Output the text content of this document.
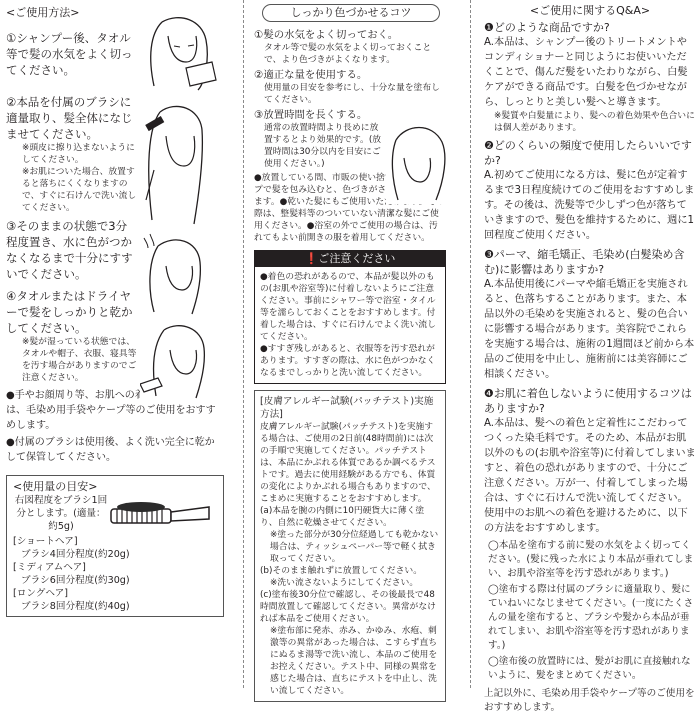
<ご使用方法>
①シャンプー後、タオル等で髪の水気をよく切ってください。
②本品を付属のブラシに適量取り、髪全体になじませてください。
※頭皮に擦り込まないようにしてください。
※お肌についた場合、放置すると落ちにくくなりますので、すぐに石けんで洗い流してください。
③そのままの状態で3分程度置き、水に色がつかなくなるまで十分にすすいでください。
④タオルまたはドライヤーで髪をしっかりと乾かしてください。
※髪が湿っている状態では、タオルや帽子、衣服、寝具等を汚す場合がありますのでご注意ください。
●手やお顔周り等、お肌への着色が気になる方は、毛染め用手袋やケープ等のご使用をおすすめします。
●付属のブラシは使用後、よく洗い完全に乾かして保管してください。
<使用量の目安>
右図程度をブラシ1回分とします。(適量：約5g)
[ショートヘア]
ブラシ4回分程度(約20g)
[ミディアムヘア]
ブラシ6回分程度(約30g)
[ロングヘア]
ブラシ8回分程度(約40g)
しっかり色づかせるコツ
①髪の水気をよく切っておく。
タオル等で髪の水気をよく切っておくことで、より色づきがよくなります。
②適正な量を使用する。
使用量の目安を参考にし、十分な量を塗布してください。
③放置時間を長くする。
通常の放置時間より長めに放置するとより効果的です。(放置時間は30分以内を目安にご使用ください。)
●放置している間、市販の使い捨てヘアキャップで髪を包み込むと、色づきがさらによくなります。●乾いた髪にもご使用いただけます。その際は、整髪料等のついていない清潔な髪にご使用ください。●浴室の外でご使用の場合は、汚れてもよい前開きの服を着用してください。
❗ご注意ください
●着色の恐れがあるので、本品が髪以外のもの(お肌や浴室等)に付着しないようにご注意ください。事前にシャワー等で浴室・タイル等を濡らしておくことをおすすめします。付着した場合は、すぐに石けんでよく洗い流してください。
●すすぎ残しがあると、衣服等を汚す恐れがあります。すすぎの際は、水に色がつかなくなるまでしっかりと洗い流してください。
[皮膚アレルギー試験(パッチテスト)実施方法]
皮膚アレルギー試験(パッチテスト)を実施する場合は、ご使用の2日前(48時間前)には次の手順で実施してください。パッチテストは、本品にかぶれる体質であるか調べるテストです。過去に使用経験がある方でも、体質の変化によりかぶれる場合もありますので、こまめに実施することをおすすめします。
(a)本品を腕の内側に10円硬貨大に薄く塗り、自然に乾燥させてください。
※塗った部分が30分位経過しても乾かない場合は、ティッシュペーパー等で軽く拭き取ってください。
(b)そのまま触れずに放置してください。
※洗い流さないようにしてください。
(c)塗布後30分位で確認し、その後最長で48時間放置して確認してください。異常がなければ本品をご使用ください。
※塗布部に発赤、赤み、かゆみ、水疱、刺激等の異常があった場合は、こすらず直ちにぬるま湯等で洗い流し、本品のご使用をお控えください。テスト中、同様の異常を感じた場合は、直ちにテストを中止し、洗い流してください。
<ご使用に関するQ&A>
❶どのような商品ですか?
A.本品は、シャンプー後のトリートメントやコンディショナーと同じようにお使いいただくことで、傷んだ髪をいたわりながら、白髪ケアができる商品です。白髪を色づかせながら、しっとりと美しい髪へと導きます。
※髪質や白髪量により、髪への着色効果や色合いには個人差があります。
❷どのくらいの頻度で使用したらいいですか?
A.初めてご使用になる方は、髪に色が定着するまで3日程度続けてのご使用をおすすめします。その後は、洗髪等で少しずつ色が落ちていきますので、髪色を維持するために、週に1回程度ご使用ください。
❸パーマ、縮毛矯正、毛染め(白髪染め含む)に影響はありますか?
A.本品使用後にパーマや縮毛矯正を実施されると、色落ちすることがあります。また、本品以外の毛染めを実施されると、髪の色合いに影響する場合があります。美容院でこれらを実施する場合は、施術の1週間ほど前から本品のご使用を中止し、施術前には美容師にご相談ください。
❹お肌に着色しないように使用するコツはありますか?
A.本品は、髪への着色と定着性にこだわってつくった染毛料です。そのため、本品がお肌以外のもの(お肌や浴室等)に付着してしまいますと、着色の恐れがありますので、十分にご注意ください。万が一、付着してしまった場合は、すぐに石けんで洗い流してください。使用中のお肌への着色を避けるために、以下の方法をおすすめします。
◯本品を塗布する前に髪の水気をよく切ってください。(髪に残った水により本品が垂れてしまい、お肌や浴室等を汚す恐れがあります。)
◯塗布する際は付属のブラシに適量取り、髪にていねいになじませてください。(一度にたくさんの量を塗布すると、ブラシや髪から本品が垂れてしまい、お肌や浴室等を汚す恐れがあります。)
◯塗布後の放置時には、髪がお肌に直接触れないように、髪をまとめてください。
上記以外に、毛染め用手袋やケープ等のご使用をおすすめします。
